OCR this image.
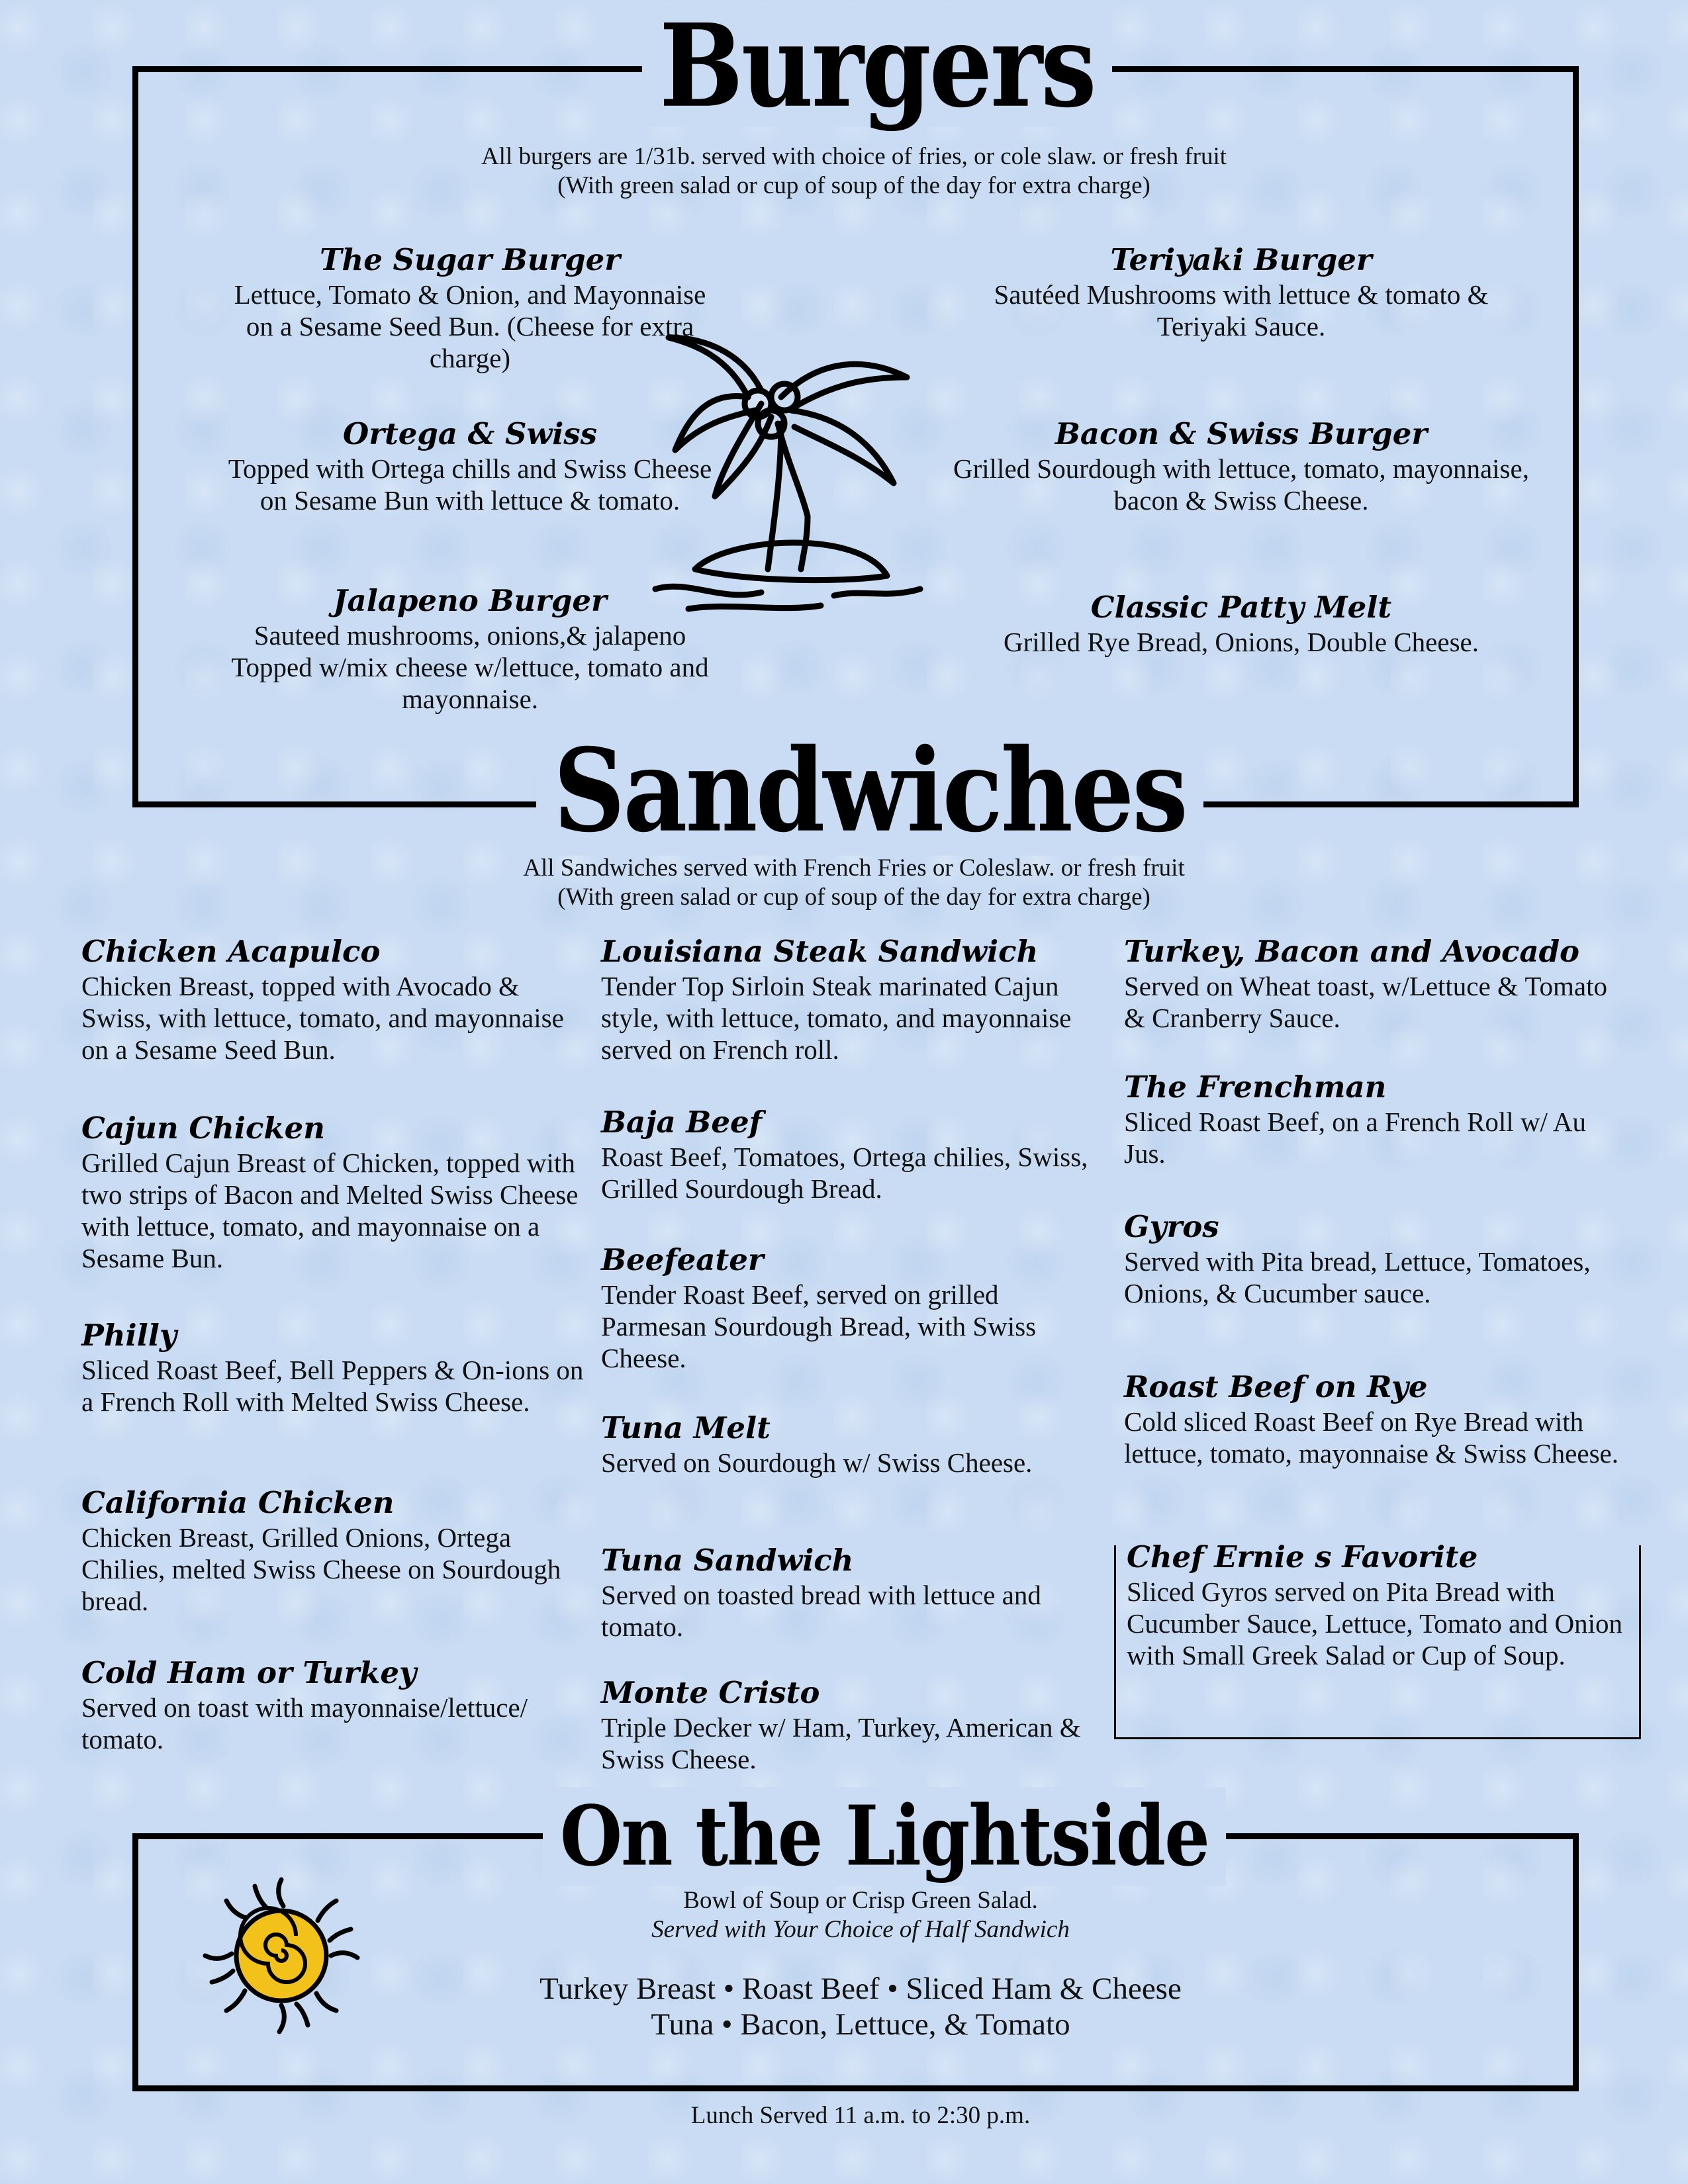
Burgers
All burgers are 1/31b. served with choice of fries, or cole slaw. or fresh fruit
(With green salad or cup of soup of the day for extra charge)
The Sugar Burger
Lettuce, Tomato & Onion, and Mayonnaise on a Sesame Seed Bun. (Cheese for extra charge)
Ortega & Swiss
Topped with Ortega chills and Swiss Cheese on Sesame Bun with lettuce & tomato.
Jalapeno Burger
Sauteed mushrooms, onions,& jalapeno Topped w/mix cheese w/lettuce, tomato and mayonnaise.
Teriyaki Burger
Sautéed Mushrooms with lettuce & tomato & Teriyaki Sauce.
Bacon & Swiss Burger
Grilled Sourdough with lettuce, tomato, mayonnaise, bacon & Swiss Cheese.
Classic Patty Melt
Grilled Rye Bread, Onions, Double Cheese.
Sandwiches
All Sandwiches served with French Fries or Coleslaw. or fresh fruit
(With green salad or cup of soup of the day for extra charge)
Chicken Acapulco
Chicken Breast, topped with Avocado & Swiss, with lettuce, tomato, and mayonnaise on a Sesame Seed Bun.
Cajun Chicken
Grilled Cajun Breast of Chicken, topped with two strips of Bacon and Melted Swiss Cheese with lettuce, tomato, and mayonnaise on a Sesame Bun.
Philly
Sliced Roast Beef, Bell Peppers & On-ions on a French Roll with Melted Swiss Cheese.
California Chicken
Chicken Breast, Grilled Onions, Ortega Chilies, melted Swiss Cheese on Sourdough bread.
Cold Ham or Turkey
Served on toast with mayonnaise/lettuce/ tomato.
Louisiana Steak Sandwich
Tender Top Sirloin Steak marinated Cajun style, with lettuce, tomato, and mayonnaise served on French roll.
Baja Beef
Roast Beef, Tomatoes, Ortega chilies, Swiss, Grilled Sourdough Bread.
Beefeater
Tender Roast Beef, served on grilled Parmesan Sourdough Bread, with Swiss Cheese.
Tuna Melt
Served on Sourdough w/ Swiss Cheese.
Tuna Sandwich
Served on toasted bread with lettuce and tomato.
Monte Cristo
Triple Decker w/ Ham, Turkey, American & Swiss Cheese.
Turkey, Bacon and Avocado
Served on Wheat toast, w/Lettuce & Tomato & Cranberry Sauce.
The Frenchman
Sliced Roast Beef, on a French Roll w/ Au Jus.
Gyros
Served with Pita bread, Lettuce, Tomatoes, Onions, & Cucumber sauce.
Roast Beef on Rye
Cold sliced Roast Beef on Rye Bread with lettuce, tomato, mayonnaise & Swiss Cheese.
Chef Ernie s Favorite
Sliced Gyros served on Pita Bread with Cucumber Sauce, Lettuce, Tomato and Onion with Small Greek Salad or Cup of Soup.
On the Lightside
Bowl of Soup or Crisp Green Salad.
Served with Your Choice of Half Sandwich
Turkey Breast • Roast Beef • Sliced Ham & Cheese
Tuna • Bacon, Lettuce, & Tomato
Lunch Served 11 a.m. to 2:30 p.m.
